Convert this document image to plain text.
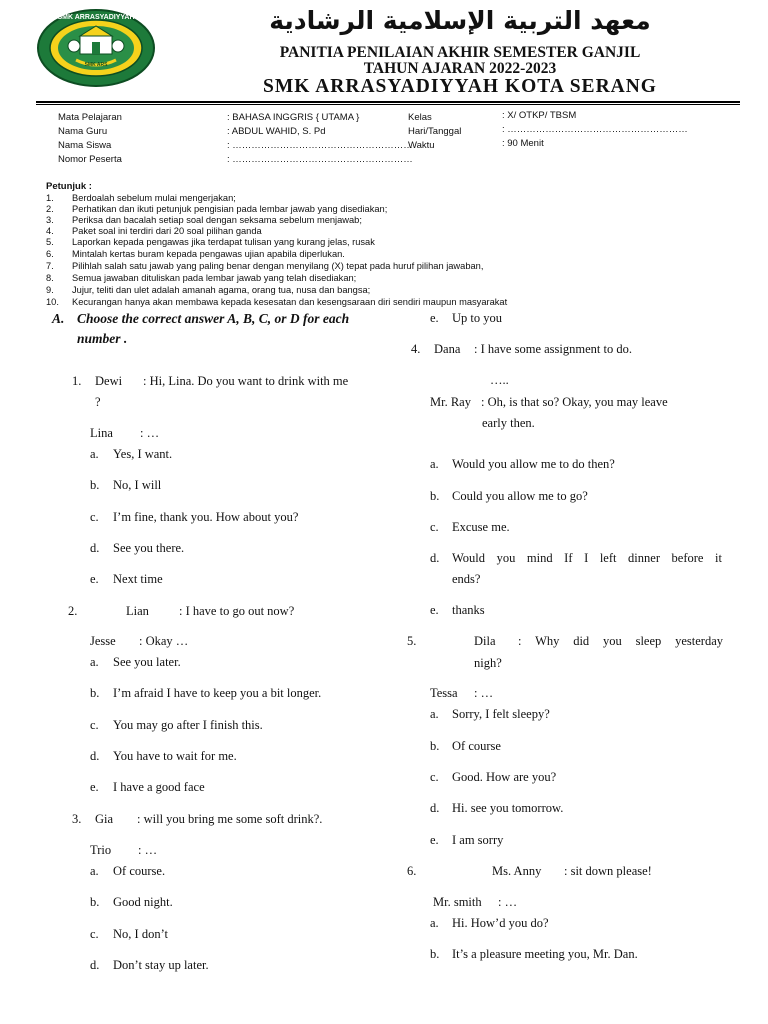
SMK ARRASYADIYYAH
SMK ARS
معهد التربية الإسلامية الرشادية
PANITIA PENILAIAN AKHIR SEMESTER GANJIL
TAHUN AJARAN 2022-2023
SMK ARRASYADIYYAH KOTA SERANG
Mata Pelajaran	: BAHASA INGGRIS { UTAMA }
Nama Guru	: ABDUL WAHID, S. Pd
Nama Siswa	: …………………………………………………
Nomor Peserta	: …………………………………………………
Kelas	: X/ OTKP/ TBSM
Hari/Tanggal	: …………………………………………………
Waktu	: 90 Menit
Petunjuk :
1. Berdoalah sebelum mulai mengerjakan;
2. Perhatikan dan ikuti petunjuk pengisian pada lembar jawab yang disediakan;
3. Periksa dan bacalah setiap soal dengan seksama sebelum menjawab;
4. Paket soal ini terdiri dari 20 soal pilihan ganda
5. Laporkan kepada pengawas jika terdapat tulisan yang kurang jelas, rusak
6. Mintalah kertas buram kepada pengawas ujian apabila diperlukan.
7. Pilihlah salah satu jawab yang paling benar dengan menyilang (X) tepat pada huruf pilihan jawaban,
8. Semua jawaban dituliskan pada lembar jawab yang telah disediakan;
9. Jujur, teliti dan ulet adalah amanah agama, orang tua, nusa dan bangsa;
10. Kecurangan hanya akan membawa kepada kesesatan dan kesengsaraan diri sendiri maupun masyarakat
A. Choose the correct answer A, B, C, or D for each
number .
1. Dewi : Hi, Lina. Do you want to drink with me
?
Lina : …
a. Yes, I want.
b. No, I will
c. I’m fine, thank you. How about you?
d. See you there.
e. Next time
2.	Lian : I have to go out now?
Jesse : Okay …
a. See you later.
b. I’m afraid I have to keep you a bit longer.
c. You may go after I finish this.
d. You have to wait for me.
e. I have a good face
3. Gia : will you bring me some soft drink?.
Trio : …
a. Of course.
b. Good night.
c. No, I don’t
d. Don’t stay up later.
e. Up to you
4. Dana : I have some assignment to do.
…..
Mr. Ray : Oh, is that so? Okay, you may leave
early then.
a. Would you allow me to do then?
b. Could you allow me to go?
c. Excuse me.
d. Would you mind If I left dinner before it
ends?
e. thanks
5.	Dila : Why did you sleep yesterday
nigh?
Tessa : …
a. Sorry, I felt sleepy?
b. Of course
c. Good. How are you?
d. Hi. see you tomorrow.
e. I am sorry
6.	Ms. Anny : sit down please!
Mr. smith : …
a. Hi. How’d you do?
b. It’s a pleasure meeting you, Mr. Dan.
